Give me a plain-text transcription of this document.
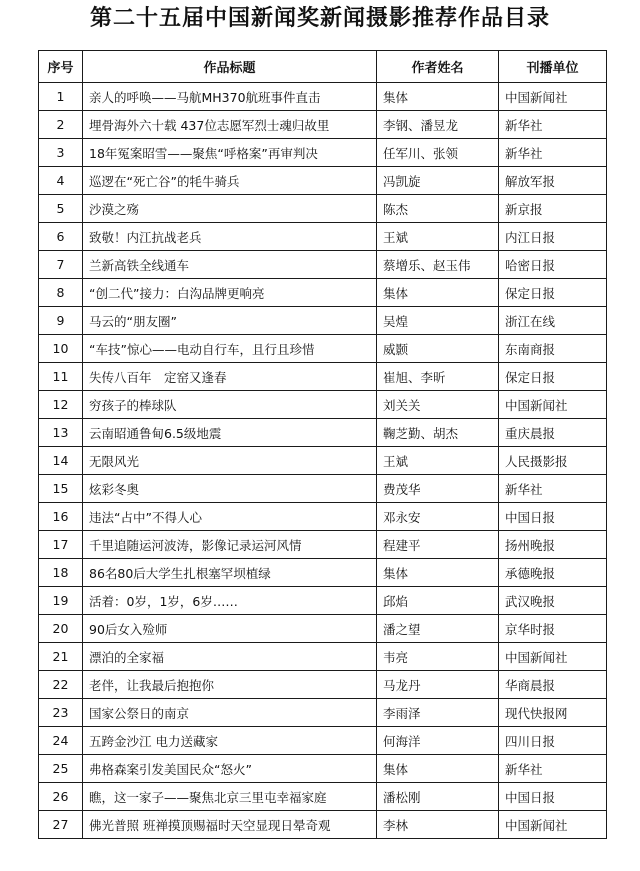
第二十五届中国新闻奖新闻摄影推荐作品目录
序号	作品标题	作者姓名	刊播单位
1	亲人的呼唤——马航MH370航班事件直击	集体	中国新闻社
2	埋骨海外六十载 437位志愿军烈士魂归故里	李钢、潘昱龙	新华社
3	18年冤案昭雪——聚焦“呼格案”再审判决	任军川、张领	新华社
4	巡逻在“死亡谷”的牦牛骑兵	冯凯旋	解放军报
5	沙漠之殇	陈杰	新京报
6	致敬！内江抗战老兵	王斌	内江日报
7	兰新高铁全线通车	蔡增乐、赵玉伟	哈密日报
8	“创二代”接力：白沟品牌更响亮	集体	保定日报
9	马云的“朋友圈”	吴煌	浙江在线
10	“车技”惊心——电动自行车，且行且珍惜	威颢	东南商报
11	失传八百年　定窑又逢春	崔旭、李昕	保定日报
12	穷孩子的棒球队	刘关关	中国新闻社
13	云南昭通鲁甸6.5级地震	鞠芝勤、胡杰	重庆晨报
14	无限风光	王斌	人民摄影报
15	炫彩冬奥	费茂华	新华社
16	违法“占中”不得人心	邓永安	中国日报
17	千里追随运河波涛，影像记录运河风情	程建平	扬州晚报
18	86名80后大学生扎根塞罕坝植绿	集体	承德晚报
19	活着：0岁，1岁，6岁……	邱焰	武汉晚报
20	90后女入殓师	潘之望	京华时报
21	漂泊的全家福	韦亮	中国新闻社
22	老伴，让我最后抱抱你	马龙丹	华商晨报
23	国家公祭日的南京	李雨泽	现代快报网
24	五跨金沙江 电力送藏家	何海洋	四川日报
25	弗格森案引发美国民众“怒火”	集体	新华社
26	瞧，这一家子——聚焦北京三里屯幸福家庭	潘松刚	中国日报
27	佛光普照 班禅摸顶赐福时天空显现日晕奇观	李林	中国新闻社
